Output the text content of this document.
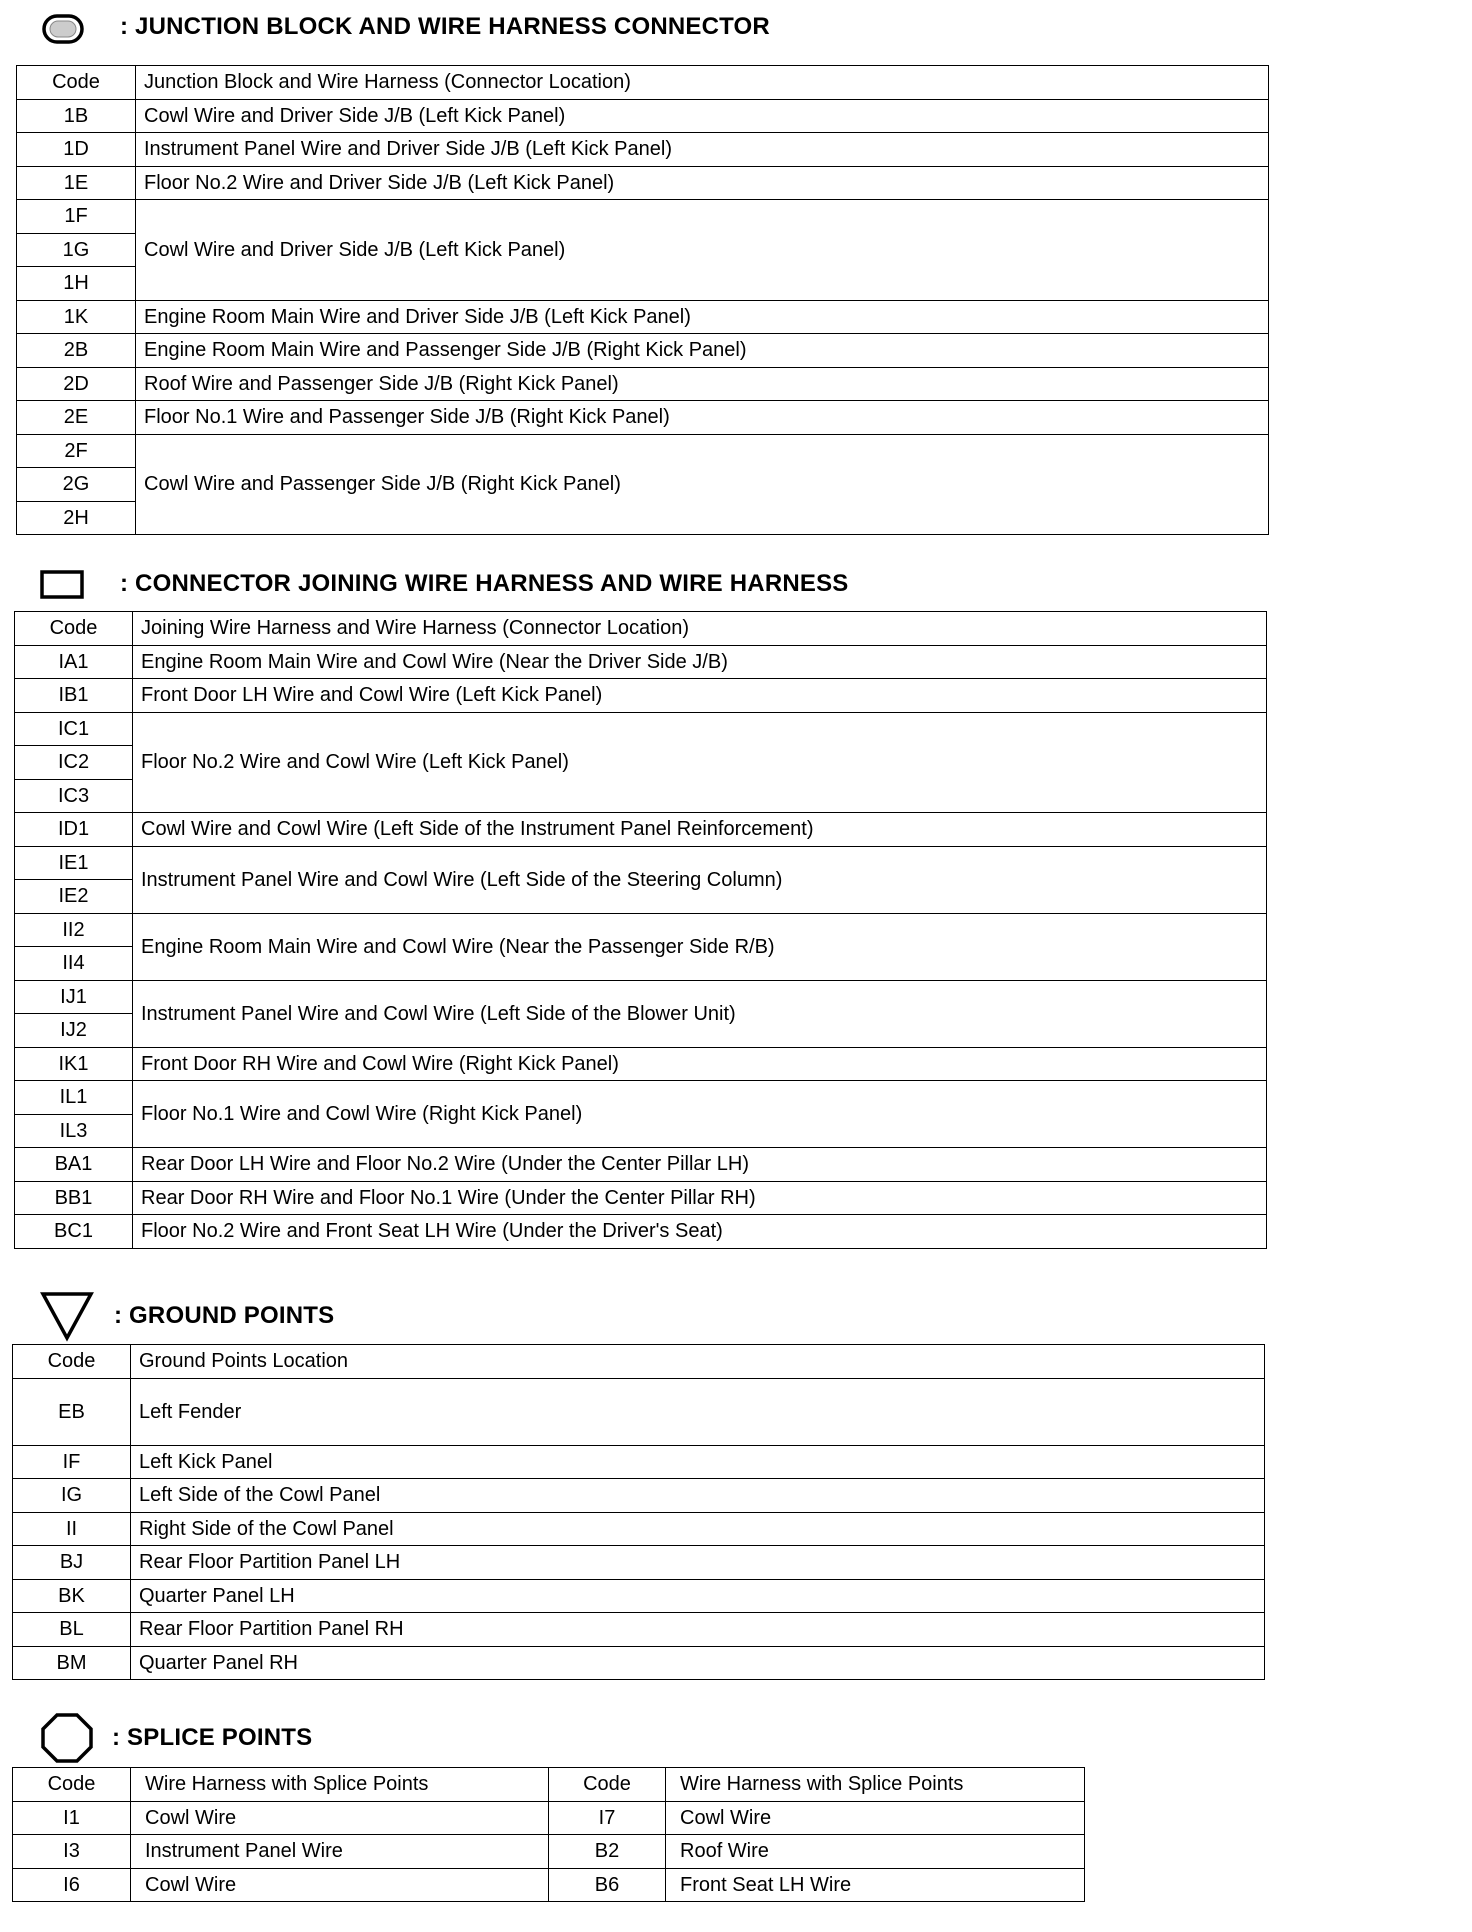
: JUNCTION BLOCK AND WIRE HARNESS CONNECTOR
Code	Junction Block and Wire Harness (Connector Location)
1B	Cowl Wire and Driver Side J/B (Left Kick Panel)
1D	Instrument Panel Wire and Driver Side J/B (Left Kick Panel)
1E	Floor No.2 Wire and Driver Side J/B (Left Kick Panel)
1F	Cowl Wire and Driver Side J/B (Left Kick Panel)
1G	
1H	
1K	Engine Room Main Wire and Driver Side J/B (Left Kick Panel)
2B	Engine Room Main Wire and Passenger Side J/B (Right Kick Panel)
2D	Roof Wire and Passenger Side J/B (Right Kick Panel)
2E	Floor No.1 Wire and Passenger Side J/B (Right Kick Panel)
2F	Cowl Wire and Passenger Side J/B (Right Kick Panel)
2G	
2H	
: CONNECTOR JOINING WIRE HARNESS AND WIRE HARNESS
Code	Joining Wire Harness and Wire Harness (Connector Location)
IA1	Engine Room Main Wire and Cowl Wire (Near the Driver Side J/B)
IB1	Front Door LH Wire and Cowl Wire (Left Kick Panel)
IC1	Floor No.2 Wire and Cowl Wire (Left Kick Panel)
IC2	
IC3	
ID1	Cowl Wire and Cowl Wire (Left Side of the Instrument Panel Reinforcement)
IE1	Instrument Panel Wire and Cowl Wire (Left Side of the Steering Column)
IE2	
II2	Engine Room Main Wire and Cowl Wire (Near the Passenger Side R/B)
II4	
IJ1	Instrument Panel Wire and Cowl Wire (Left Side of the Blower Unit)
IJ2	
IK1	Front Door RH Wire and Cowl Wire (Right Kick Panel)
IL1	Floor No.1 Wire and Cowl Wire (Right Kick Panel)
IL3	
BA1	Rear Door LH Wire and Floor No.2 Wire (Under the Center Pillar LH)
BB1	Rear Door RH Wire and Floor No.1 Wire (Under the Center Pillar RH)
BC1	Floor No.2 Wire and Front Seat LH Wire (Under the Driver's Seat)
: GROUND POINTS
Code	Ground Points Location
EB	Left Fender
IF	Left Kick Panel
IG	Left Side of the Cowl Panel
II	Right Side of the Cowl Panel
BJ	Rear Floor Partition Panel LH
BK	Quarter Panel LH
BL	Rear Floor Partition Panel RH
BM	Quarter Panel RH
: SPLICE POINTS
Code	Wire Harness with Splice Points	Code	Wire Harness with Splice Points
I1	Cowl Wire	I7	Cowl Wire
I3	Instrument Panel Wire	B2	Roof Wire
I6	Cowl Wire	B6	Front Seat LH Wire
